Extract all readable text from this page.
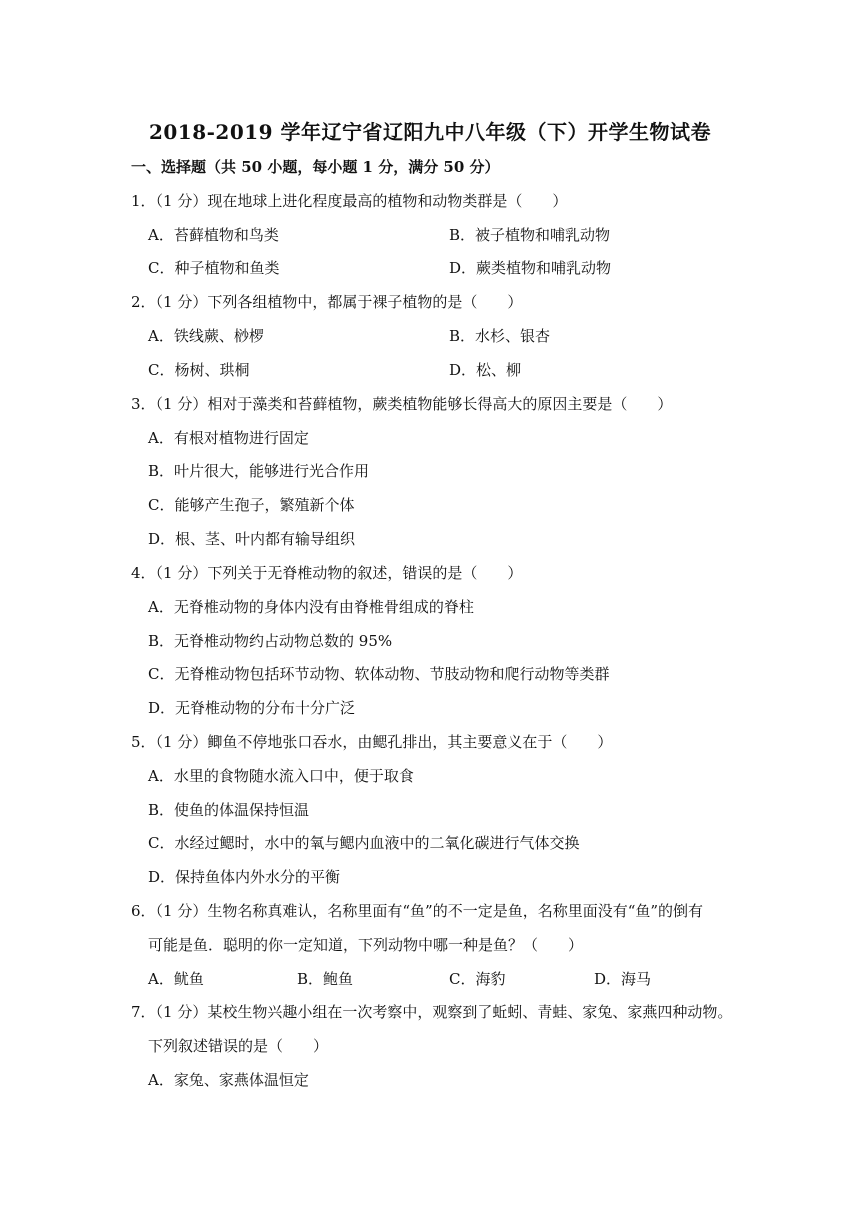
2018-2019 学年辽宁省辽阳九中八年级（下）开学生物试卷
一、选择题（共 50 小题，每小题 1 分，满分 50 分）
1．（1 分）现在地球上进化程度最高的植物和动物类群是（　　）
A．苔藓植物和鸟类	B．被子植物和哺乳动物
C．种子植物和鱼类	D．蕨类植物和哺乳动物
2．（1 分）下列各组植物中，都属于裸子植物的是（　　）
A．铁线蕨、桫椤	B．水杉、银杏
C．杨树、珙桐	D．松、柳
3．（1 分）相对于藻类和苔藓植物，蕨类植物能够长得高大的原因主要是（　　）
A．有根对植物进行固定
B．叶片很大，能够进行光合作用
C．能够产生孢子，繁殖新个体
D．根、茎、叶内都有输导组织
4．（1 分）下列关于无脊椎动物的叙述，错误的是（　　）
A．无脊椎动物的身体内没有由脊椎骨组成的脊柱
B．无脊椎动物约占动物总数的 95%
C．无脊椎动物包括环节动物、软体动物、节肢动物和爬行动物等类群
D．无脊椎动物的分布十分广泛
5．（1 分）鲫鱼不停地张口吞水，由鳃孔排出，其主要意义在于（　　）
A．水里的食物随水流入口中，便于取食
B．使鱼的体温保持恒温
C．水经过鳃时，水中的氧与鳃内血液中的二氧化碳进行气体交换
D．保持鱼体内外水分的平衡
6．（1 分）生物名称真难认，名称里面有“鱼”的不一定是鱼，名称里面没有“鱼”的倒有
可能是鱼．聪明的你一定知道，下列动物中哪一种是鱼？（　　）
A．鱿鱼	B．鲍鱼	C．海豹	D．海马
7．（1 分）某校生物兴趣小组在一次考察中，观察到了蚯蚓、青蛙、家兔、家燕四种动物。
下列叙述错误的是（　　）
A．家兔、家燕体温恒定
